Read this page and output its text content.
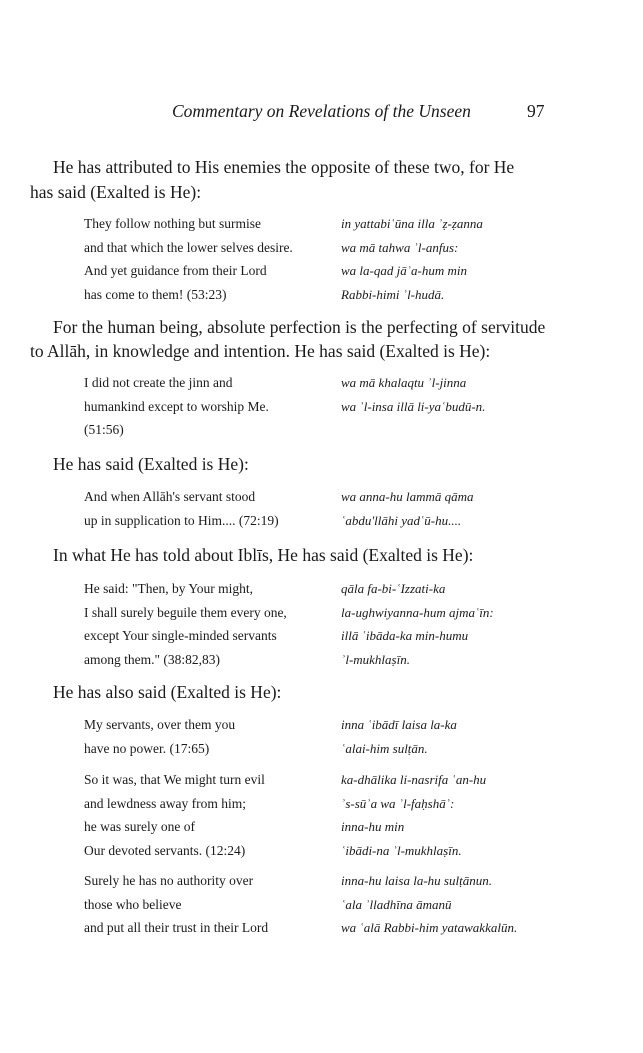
Commentary on Revelations of the Unseen	97
He has attributed to His enemies the opposite of these two, for He
has said (Exalted is He):
They follow nothing but surmise	in yattabiʿūna illa ʾẓ-ẓanna
and that which the lower selves desire.	wa mā tahwa ʾl-anfus:
And yet guidance from their Lord	wa la-qad jāʾa-hum min
has come to them! (53:23)	Rabbi-himi ʾl-hudā.
For the human being, absolute perfection is the perfecting of servitude
to Allāh, in knowledge and intention. He has said (Exalted is He):
I did not create the jinn and	wa mā khalaqtu ʾl-jinna
humankind except to worship Me.	wa ʾl-insa illā li-yaʿbudū-n.
(51:56)
He has said (Exalted is He):
And when Allāh's servant stood	wa anna-hu lammā qāma
up in supplication to Him.... (72:19)	ʿabdu'llāhi yadʿū-hu....
In what He has told about Iblīs, He has said (Exalted is He):
He said: "Then, by Your might,	qāla fa-bi-ʿIzzati-ka
I shall surely beguile them every one,	la-ughwiyanna-hum ajmaʿīn:
except Your single-minded servants	illā ʿibāda-ka min-humu
among them." (38:82,83)	ʾl-mukhlaṣīn.
He has also said (Exalted is He):
My servants, over them you	inna ʿibādī laisa la-ka
have no power. (17:65)	ʿalai-him sulṭān.
So it was, that We might turn evil	ka-dhālika li-nasrifa ʿan-hu
and lewdness away from him;	ʾs-sūʾa wa ʾl-faḥshāʾ:
he was surely one of	inna-hu min
Our devoted servants. (12:24)	ʿibādi-na ʾl-mukhlaṣīn.
Surely he has no authority over	inna-hu laisa la-hu sulṭānun.
those who believe	ʿala ʾlladhīna āmanū
and put all their trust in their Lord	wa ʿalā Rabbi-him yatawakkalūn.
